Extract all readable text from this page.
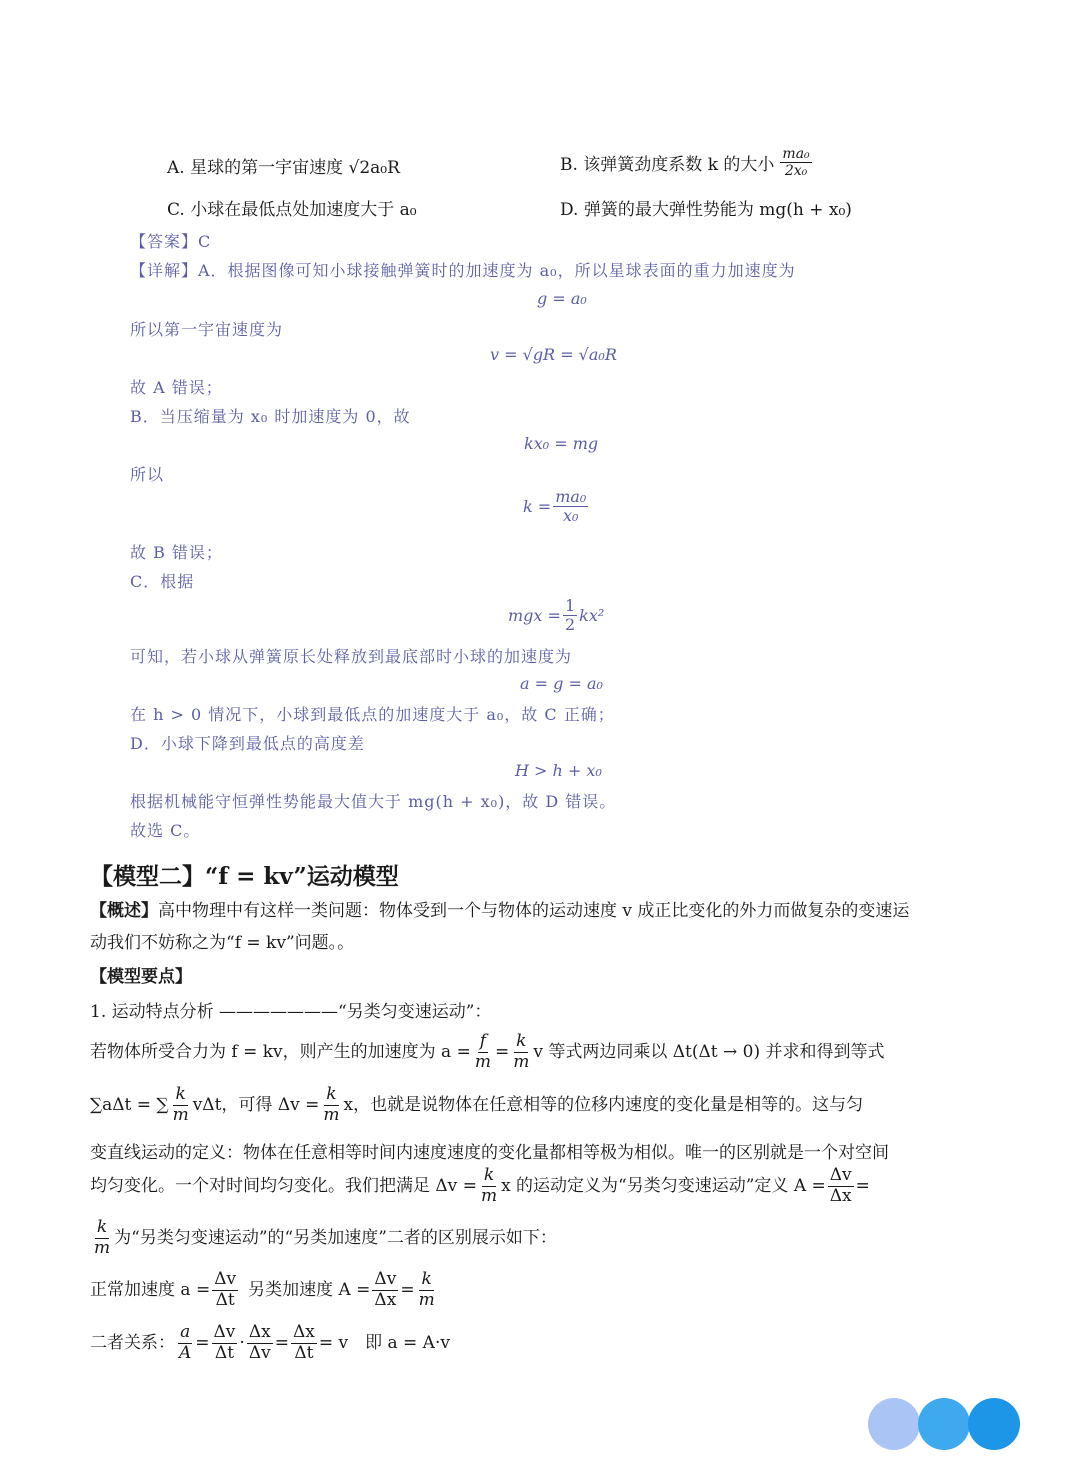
A. 星球的第一宇宙速度 √2a₀R	B. 该弹簧劲度系数 k 的大小 $\frac{\text{ma₀}}{\text{2x₀}}$
C. 小球在最低点处加速度大于 a₀	D. 弹簧的最大弹性势能为 mg(h + x₀)
【答案】C
【详解】A．根据图像可知小球接触弹簧时的加速度为 a₀，所以星球表面的重力加速度为
g = a₀
所以第一宇宙速度为
v = √gR = √a₀R
故 A 错误；
B．当压缩量为 x₀ 时加速度为 0，故
kx₀ = mg
所以
$k = \frac{\text{ma₀}}{\text{x₀}}$
故 B 错误；
C．根据
mgx = $\frac{1}{2} kx^2$
可知，若小球从弹簧原长处释放到最底部时小球的加速度为
a = g = a₀
在 h > 0 情况下，小球到最低点的加速度大于 a₀，故 C 正确；
D．小球下降到最低点的高度差
H > h + x₀
根据机械能守恒弹性势能最大值大于 mg(h + x₀)，故 D 错误。
故选 C。
【模型二】“f = kv”运动模型
【概述】高中物理中有这样一类问题：物体受到一个与物体的运动速度 v 成正比变化的外力而做复杂的变速运
动我们不妨称之为“f = kv”问题。。
【模型要点】
1. 运动特点分析 ———————“另类匀变速运动”：
若物体所受合力为 f = kv，则产生的加速度为 $a = \frac{f}{m} = \frac{k}{m}$ v 等式两边同乘以 Δt(Δt → 0) 并求和得到等式
∑aΔt = ∑ $\frac{k}{m}$ vΔt，可得 $\Delta v = \frac{k}{m}$ x，也就是说物体在任意相等的位移内速度的变化量是相等的。这与匀
变直线运动的定义：物体在任意相等时间内速度速度的变化量都相等极为相似。唯一的区别就是一个对空间
均匀变化。一个对时间均匀变化。我们把满足 $\Delta v = \frac{k}{m}$ x 的运动定义为“另类匀变速运动”定义 $A = \frac{\Delta v}{\Delta x}$ =
$\frac{k}{m}$ 为“另类匀变速运动”的“另类加速度”二者的区别展示如下：
正常加速度 $a = \frac{\Delta v}{\Delta t}$ 另类加速度 $A = \frac{\Delta v}{\Delta x} = \frac{k}{m}$
二者关系： $\frac{a}{A} = \frac{\Delta v}{\Delta t} \cdot \frac{\Delta x}{\Delta v} = \frac{\Delta x}{\Delta t} = v$　即 a = A·v
